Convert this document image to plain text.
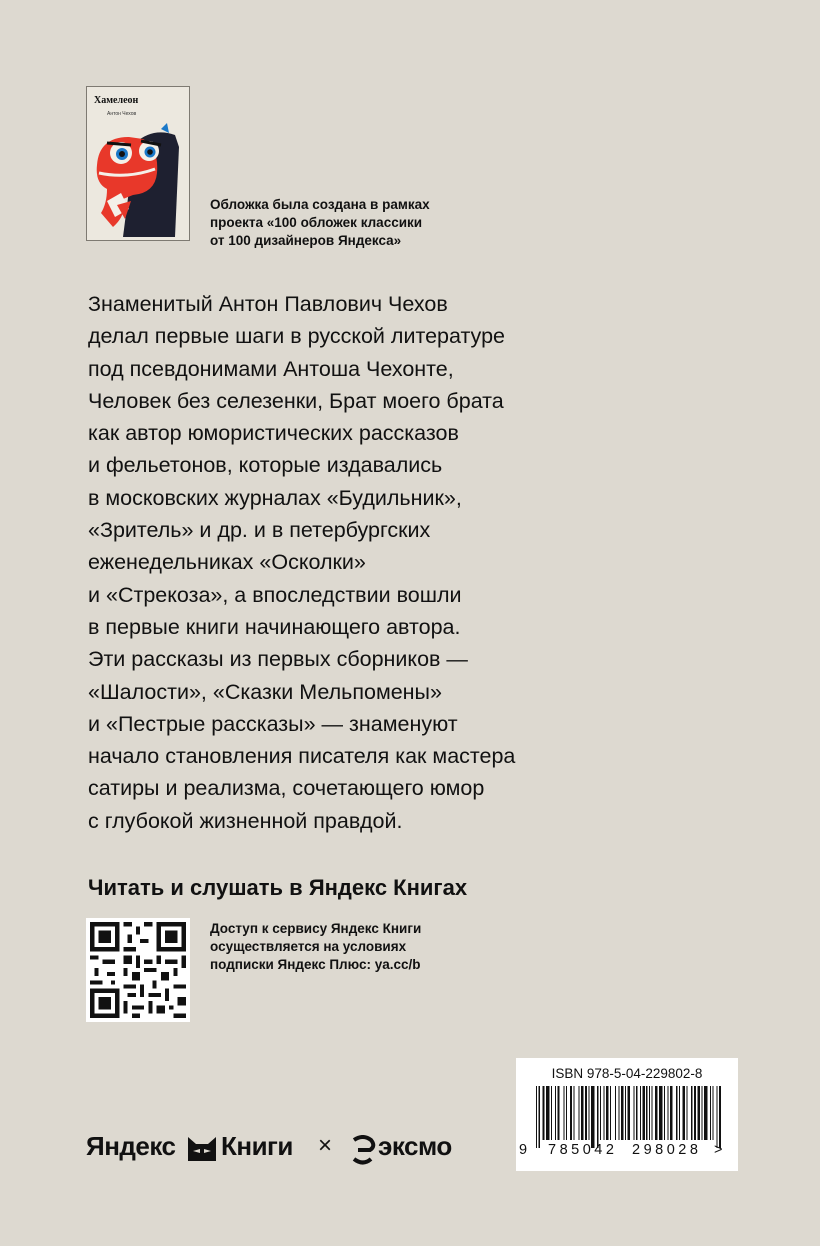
Хамелеон
Антон Чехов
Обложка была создана в рамках
проекта «100 обложек классики
от 100 дизайнеров Яндекса»
Знаменитый Антон Павлович Чехов
делал первые шаги в русской литературе
под псевдонимами Антоша Чехонте,
Человек без селезенки, Брат моего брата
как автор юмористических рассказов
и фельетонов, которые издавались
в московских журналах «Будильник»,
«Зритель» и др. и в петербургских
еженедельниках «Осколки»
и «Стрекоза», а впоследствии вошли
в первые книги начинающего автора.
Эти рассказы из первых сборников —
«Шалости», «Сказки Мельпомены»
и «Пестрые рассказы» — знаменуют
начало становления писателя как мастера
сатиры и реализма, сочетающего юмор
с глубокой жизненной правдой.
Читать и слушать в Яндекс Книгах
Доступ к сервису Яндекс Книги
осуществляется на условиях
подписки Яндекс Плюс: ya.cc/b
Яндекс Книги × эксмо
ISBN 978-5-04-229802-8
9 785042 298028 >
